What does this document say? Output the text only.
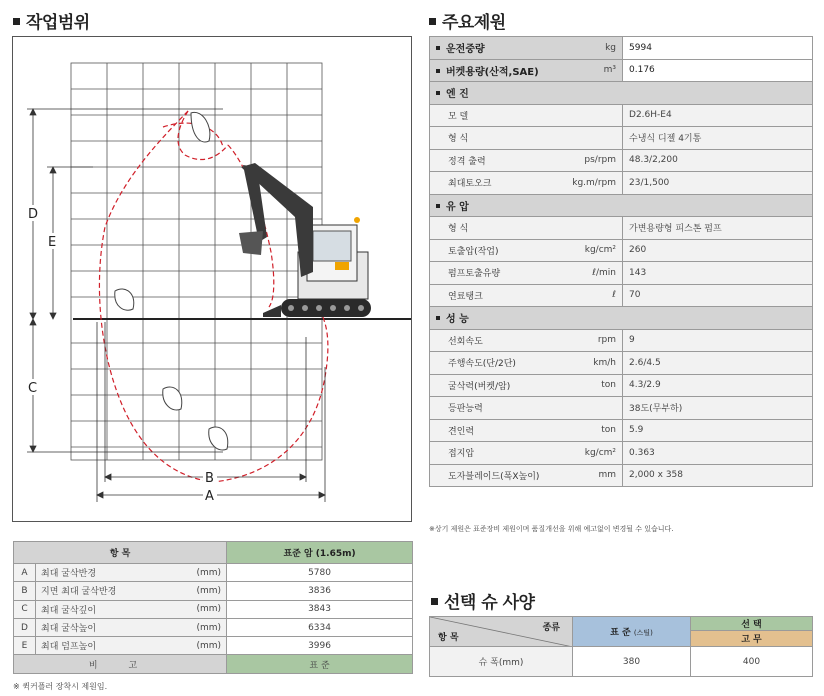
작업범위	주요제원
선택 슈 사양
D
E
C
B
A
운전중량 kg	5994
버켓용량(산적,SAE) m³	0.176
엔 진	
모 델	D2.6H-E4
형 식	수냉식 디젤 4기통
정격 출력 ps/rpm	48.3/2,200
최대토오크 kg.m/rpm	23/1,500
유 압	
형 식	가변용량형 피스톤 펌프
토출압(작업) kg/cm²	260
펌프토출유량 ℓ/min	143
연료탱크 ℓ	70
성 능	
선회속도 rpm	9
주행속도(단/2단) km/h	2.6/4.5
굴삭력(버켓/암) ton	4.3/2.9
등판능력	38도(무부하)
견인력 ton	5.9
접지압 kg/cm²	0.363
도자블레이드(폭X높이) mm	2,000 x 358
※상기 제원은 표준장비 제원이며 품질개선을 위해 예고없이 변경될 수 있습니다.
항 목			표준 암 (1.65m)
A	최대 굴삭반경	(mm)	5780
B	지면 최대 굴삭반경	(mm)	3836
C	최대 굴삭깊이	(mm)	3843
D	최대 굴삭높이	(mm)	6334
E	최대 덤프높이	(mm)	3996
비 고			표 준
※ 퀵커플러 장착시 제원임.
종류
항 목	표 준 (스틸)	선 택
		고 무
슈 폭(mm)	380	400
